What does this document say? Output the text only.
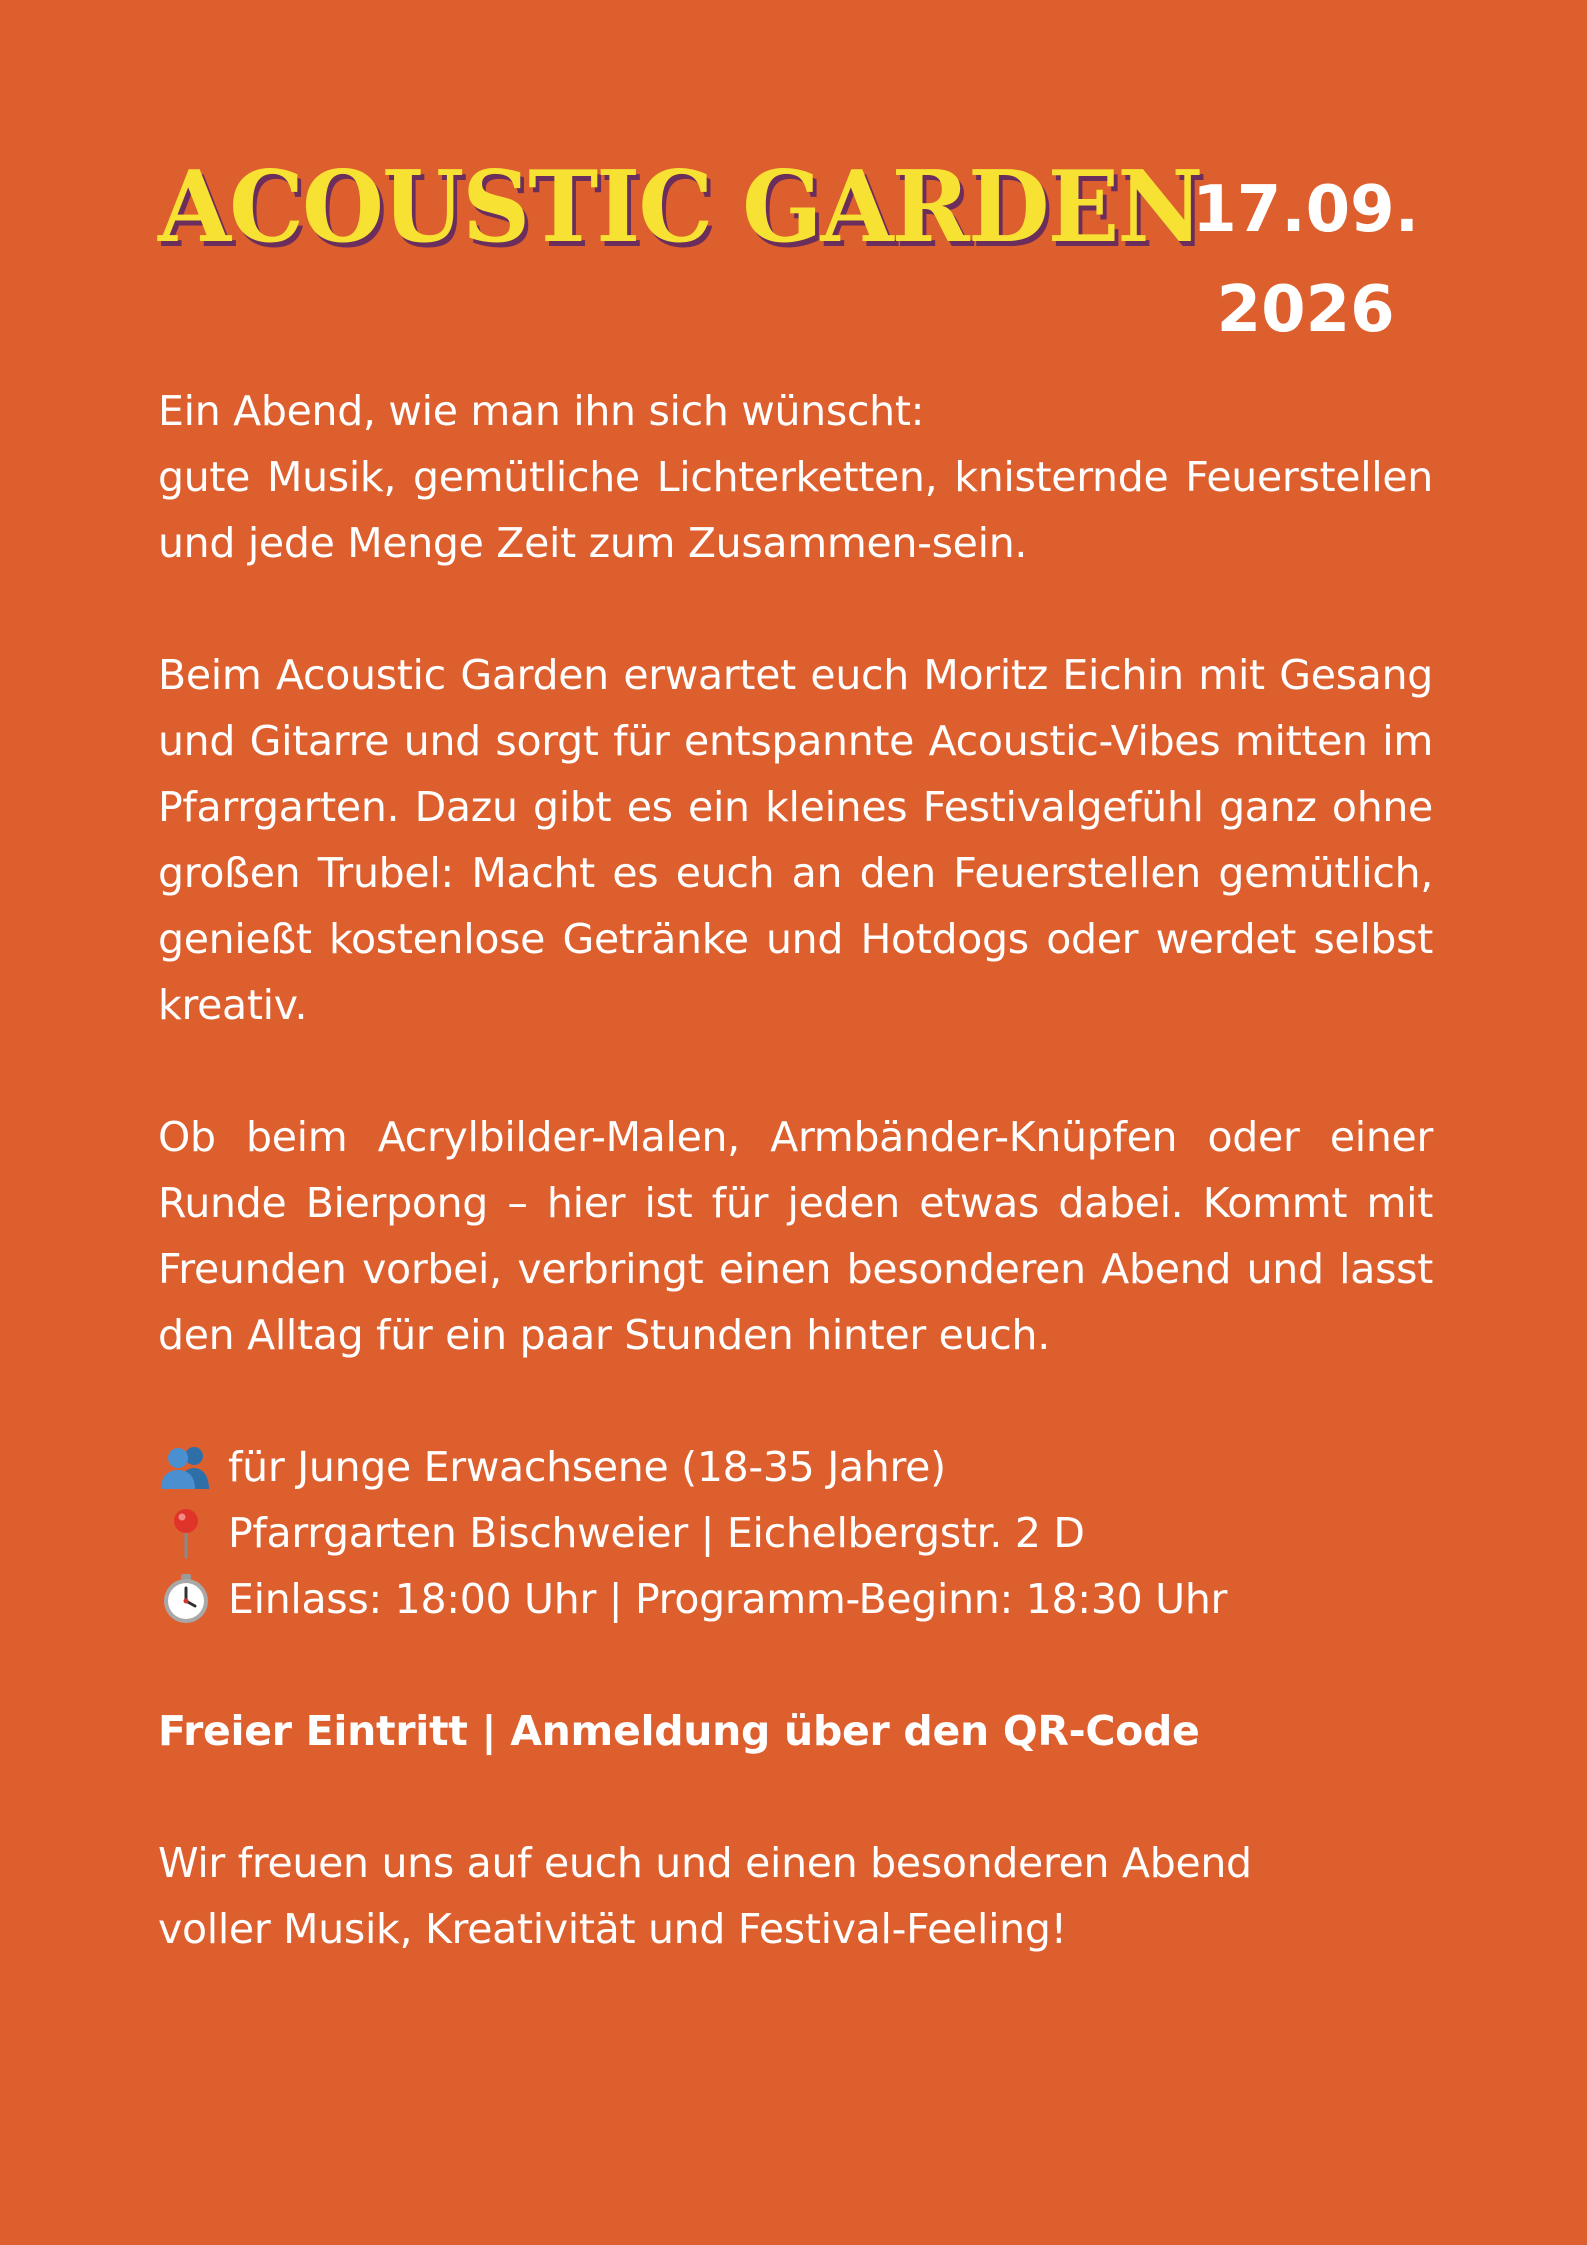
ACOUSTIC GARDEN
17.09.
2026

Ein Abend, wie man ihn sich wünscht:
gute Musik, gemütliche Lichterketten, knisternde Feuerstellen und jede Menge Zeit zum Zusammen-sein.

Beim Acoustic Garden erwartet euch Moritz Eichin mit Gesang und Gitarre und sorgt für entspannte Acoustic-Vibes mitten im Pfarrgarten. Dazu gibt es ein kleines Festivalgefühl ganz ohne großen Trubel: Macht es euch an den Feuerstellen gemütlich, genießt kostenlose Getränke und Hotdogs oder werdet selbst kreativ.

Ob beim Acrylbilder-Malen, Armbänder-Knüpfen oder einer Runde Bierpong – hier ist für jeden etwas dabei. Kommt mit Freunden vorbei, verbringt einen besonderen Abend und lasst den Alltag für ein paar Stunden hinter euch.

für Junge Erwachsene (18-35 Jahre)
Pfarrgarten Bischweier | Eichelbergstr. 2 D
Einlass: 18:00 Uhr | Programm-Beginn: 18:30 Uhr

Freier Eintritt | Anmeldung über den QR-Code

Wir freuen uns auf euch und einen besonderen Abend
voller Musik, Kreativität und Festival-Feeling!
